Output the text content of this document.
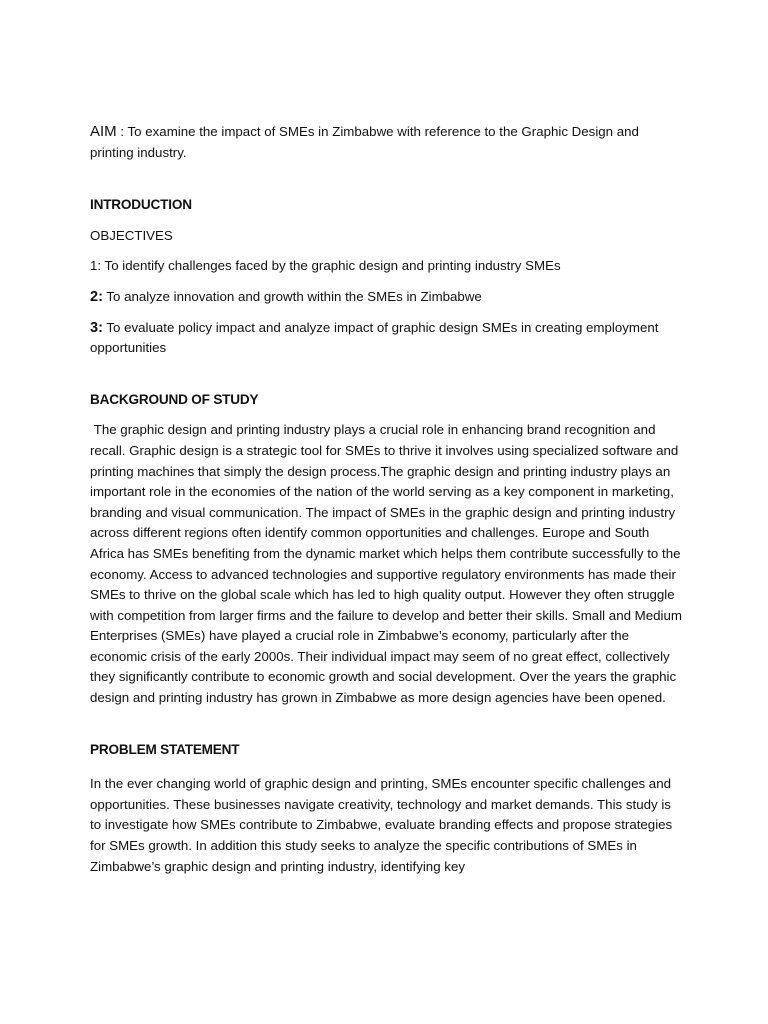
AIM : To examine the impact of SMEs in Zimbabwe with reference to the Graphic Design and printing industry.

INTRODUCTION

OBJECTIVES

1: To identify challenges faced by the graphic design and printing industry SMEs

2: To analyze innovation and growth within the SMEs in Zimbabwe

3: To evaluate policy impact and analyze impact of graphic design SMEs in creating employment opportunities

BACKGROUND OF STUDY

The graphic design and printing industry plays a crucial role in enhancing brand recognition and recall. Graphic design is a strategic tool for SMEs to thrive it involves using specialized software and printing machines that simply the design process.The graphic design and printing industry plays an important role in the economies of the nation of the world serving as a key component in marketing, branding and visual communication. The impact of SMEs in the graphic design and printing industry across different regions often identify common opportunities and challenges. Europe and South Africa has SMEs benefiting from the dynamic market which helps them contribute successfully to the economy. Access to advanced technologies and supportive regulatory environments has made their SMEs to thrive on the global scale which has led to high quality output. However they often struggle with competition from larger firms and the failure to develop and better their skills. Small and Medium Enterprises (SMEs) have played a crucial role in Zimbabwe’s economy, particularly after the economic crisis of the early 2000s. Their individual impact may seem of no great effect, collectively they significantly contribute to economic growth and social development. Over the years the graphic design and printing industry has grown in Zimbabwe as more design agencies have been opened.

PROBLEM STATEMENT

In the ever changing world of graphic design and printing, SMEs encounter specific challenges and opportunities. These businesses navigate creativity, technology and market demands. This study is to investigate how SMEs contribute to Zimbabwe, evaluate branding effects and propose strategies for SMEs growth. In addition this study seeks to analyze the specific contributions of SMEs in Zimbabwe’s graphic design and printing industry, identifying key
